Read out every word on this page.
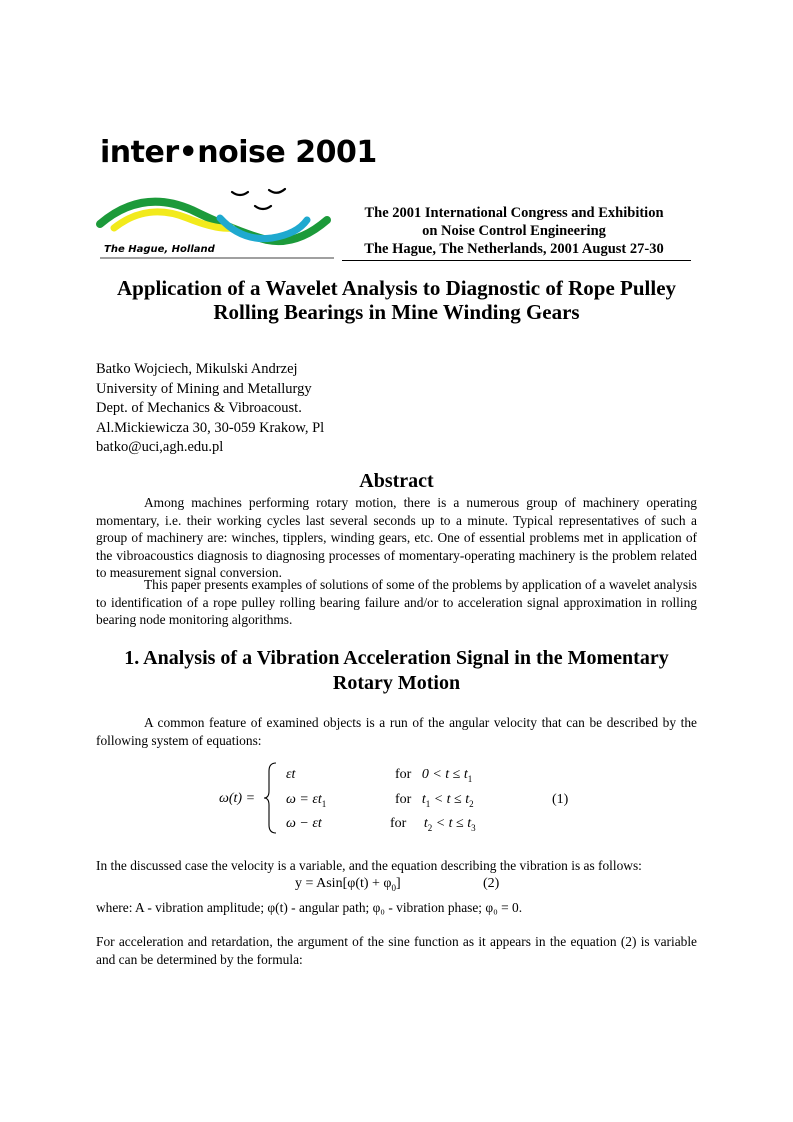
inter•noise 2001
The Hague, Holland
The 2001 International Congress and Exhibition
on Noise Control Engineering
The Hague, The Netherlands, 2001 August 27-30
Application of a Wavelet Analysis to Diagnostic of Rope Pulley
Rolling Bearings in Mine Winding Gears
Batko Wojciech, Mikulski Andrzej
University of Mining and Metallurgy
Dept. of Mechanics & Vibroacoust.
Al.Mickiewicza 30, 30-059 Krakow, Pl
batko@uci,agh.edu.pl
Abstract

Among machines performing rotary motion, there is a numerous group of machinery operating momentary, i.e. their working cycles last several seconds up to a minute. Typical representatives of such a group of machinery are: winches, tipplers, winding gears, etc. One of essential problems met in application of the vibroacoustics diagnosis to diagnosing processes of momentary-operating machinery is the problem related to measurement signal conversion.

This paper presents examples of solutions of some of the problems by application of a wavelet analysis to identification of a rope pulley rolling bearing failure and/or to acceleration signal approximation in rolling bearing node monitoring algorithms.

1. Analysis of a Vibration Acceleration Signal in the Momentary
Rotary Motion

A common feature of examined objects is a run of the angular velocity that can be described by the following system of equations:

ω(t) =
εt
$\omega = \varepsilon t_1$
ω − εt
for $0 < t \le t_1$
for $t_1 < t \le t_2$
for $t_2 < t \le t_3$
(1)
In the discussed case the velocity is a variable, and the equation describing the vibration is as follows:
$y = Asin[\varphi(t) + \varphi_0]$	(2)
where: A - vibration amplitude; φ(t) - angular path; φ₀ - vibration phase; φ₀ = 0.
For acceleration and retardation, the argument of the sine function as it appears in the equation (2) is variable and can be determined by the formula:
